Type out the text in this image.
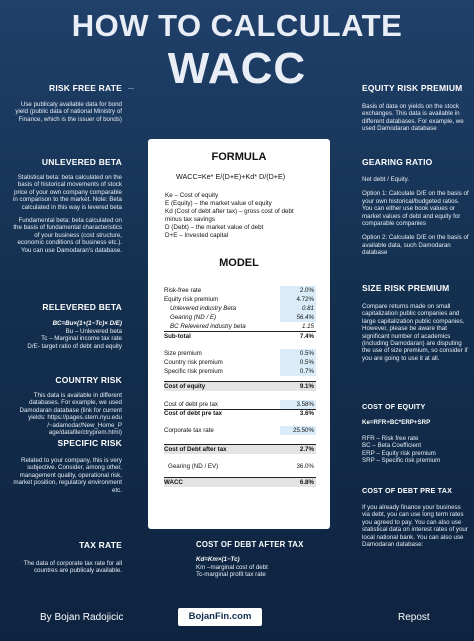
HOW TO CALCULATE
WACC
RISK FREE RATE
Use publicaly available data for bond yield (public data of national Ministry of Finance, which is the issuer of bonds)
UNLEVERED BETA
Statistical beta: beta calculated on the basis of historical movements of stock price of your own company comparable in comparison to the market. Note: Beta calculated in this way is levered beta
Fundamental beta: beta calculated on the basis of fundamental characteristics of your business (cost structure, economic conditions of business etc.). You can use Damodaran's database.
RELEVERED BETA
BC=Bu×(1+(1−Tc)× D/E)
Bu – Unlevered beta
Tc – Marginal income tax rate
D/E- target ratio of debt and equity
COUNTRY RISK
This data is available in different databases. For example, we used Damodaran database (link for current yields: https://pages.stern.nyu.edu /~adamodar/New_Home_P age/datafile/ctryprem.html)
SPECIFIC RISK
Related to your company, this is very subjective. Consider, among other, management quality, operational risk, market position, regulatory environment etc.
TAX RATE
The data of corporate tax rate for all countres are publicaly available.
EQUITY RISK PREMIUM
Basis of data on yields on the stock exchanges. This data is available in different databases. For example, we used Damodaran database
GEARING RATIO
Net debt / Equity.
Option 1: Calculate D/E on the basis of your own historical/budgeted ratios. You can either use book values or market values of debt and equity for comparable companies
Option 2: Calculate D/E on the basis of available data, such Damodaran database
SIZE RISK PREMIUM
Compare returns made on small capitalization public companies and large capitalization public companies. However, please be aware that significant number of academics (including Damodaran) are disputing the use of size premium, so consider if you are going to use it at all.
COST OF EQUITY
Ke=RFR+BC*ERP+SRP
RFR – Risk free rate
BC – Beta Coefficient
ERP – Equity risk premium
SRP – Specific risk premium
COST OF DEBT PRE TAX
If you already finance your business via debt, you can use long term rates you agreed to pay. You can also use statistical data on interest rates of your local national bank. You can also use Damodaran database:
FORMULA
WACC=Ke* E/(D+E)+Kd* D/(D+E)
Ke – Cost of equity
E (Equity) – the market value of equity
Kd (Cost of debt after tax) – gross cost of debt
minus tax savings
D (Debt) – the market value of debt
D+E – Invested capital
MODEL
Risk-free rate	2.0%
Equity risk premium	4.72%
Unlevered industry Beta	0.81
Gearing (ND / E)	56.4%
BC Relevered industry beta	1.15
Sub-total	7.4%
Size premium	0.5%
Country risk premium	0.5%
Specific risk premium	0.7%
Cost of equity	9.1%
Cost of debt pre tax	3.58%
Cost of debt pre tax	3.6%
Corporate tax rate	25.50%
Cost of Debt after tax	2.7%
Gearing (ND / EV)	36.0%
WACC	6.8%
COST OF DEBT AFTER TAX
Kd=Km×(1−Tc)
Km –marginal cost of debt
Tc-marginal profit tax rate
By Bojan Radojicic	BojanFin.com	Repost
